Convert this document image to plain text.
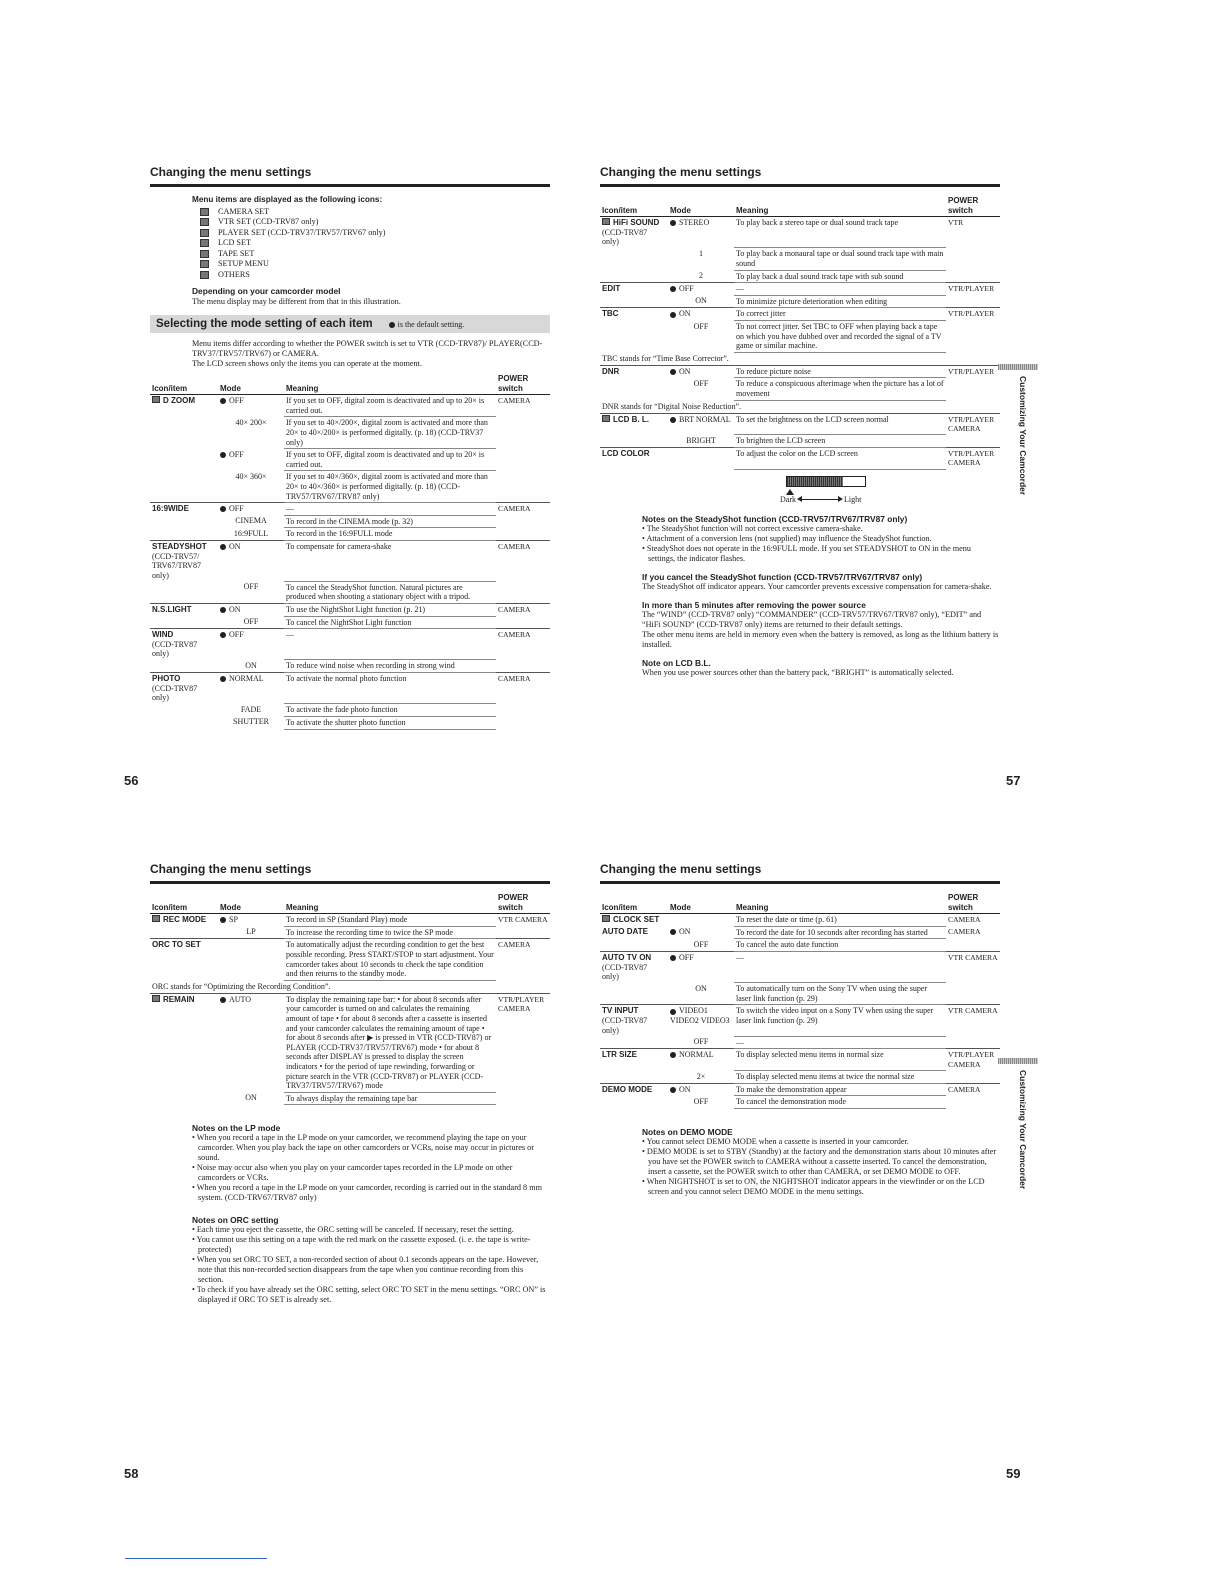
Changing the menu settings
Menu items are displayed as the following icons:
CAMERA SET
VTR SET (CCD-TRV87 only)
PLAYER SET (CCD-TRV37/TRV57/TRV67 only)
LCD SET
TAPE SET
SETUP MENU
OTHERS
Depending on your camcorder model
The menu display may be different from that in this illustration.
Selecting the mode setting of each item	is the default setting.
Menu items differ according to whether the POWER switch is set to VTR (CCD-TRV87)/ PLAYER(CCD-TRV37/TRV57/TRV67) or CAMERA.
The LCD screen shows only the items you can operate at the moment.
Icon/item	Mode	Meaning	POWER switch
D ZOOM	OFF	If you set to OFF, digital zoom is deactivated and up to 20× is carried out.	CAMERA
	40× 200×	If you set to 40×/200×, digital zoom is activated and more than 20× to 40×/200× is performed digitally. (p. 18) (CCD-TRV37 only)	
	OFF	If you set to OFF, digital zoom is deactivated and up to 20× is carried out.	
	40× 360×	If you set to 40×/360×, digital zoom is activated and more than 20× to 40×/360× is performed digitally. (p. 18) (CCD-TRV57/TRV67/TRV87 only)	
16:9WIDE	OFF	—	CAMERA
	CINEMA	To record in the CINEMA mode (p. 32)	
	16:9FULL	To record in the 16:9FULL mode	
STEADYSHOT
(CCD-TRV57/ TRV67/TRV87 only)	ON	To compensate for camera-shake	CAMERA
	OFF	To cancel the SteadyShot function. Natural pictures are produced when shooting a stationary object with a tripod.	
N.S.LIGHT	ON	To use the NightShot Light function (p. 21)	CAMERA
	OFF	To cancel the NightShot Light function	
WIND
(CCD-TRV87 only)	OFF	—	CAMERA
	ON	To reduce wind noise when recording in strong wind	
PHOTO
(CCD-TRV87 only)	NORMAL	To activate the normal photo function	CAMERA
	FADE	To activate the fade photo function	
	SHUTTER	To activate the shutter photo function	
56
Changing the menu settings
Icon/item	Mode	Meaning	POWER switch
HiFi SOUND
(CCD-TRV87 only)	STEREO	To play back a stereo tape or dual sound track tape	VTR
	1	To play back a monaural tape or dual sound track tape with main sound	
	2	To play back a dual sound track tape with sub sound	
EDIT	OFF	—	VTR/PLAYER
	ON	To minimize picture deterioration when editing	
TBC	ON	To correct jitter	VTR/PLAYER
	OFF	To not correct jitter. Set TBC to OFF when playing back a tape on which you have dubbed over and recorded the signal of a TV game or similar machine.	
TBC stands for “Time Base Corrector”.			
DNR	ON	To reduce picture noise	VTR/PLAYER
	OFF	To reduce a conspicuous afterimage when the picture has a lot of movement	
DNR stands for “Digital Noise Reduction”.			
LCD B. L.	BRT NORMAL	To set the brightness on the LCD screen normal	VTR/PLAYER CAMERA
	BRIGHT	To brighten the LCD screen	
LCD COLOR		To adjust the color on the LCD screen	VTR/PLAYER CAMERA
Dark	Light
Notes on the SteadyShot function (CCD-TRV57/TRV67/TRV87 only)
• The SteadyShot function will not correct excessive camera-shake.
• Attachment of a conversion lens (not supplied) may influence the SteadyShot function.
• SteadyShot does not operate in the 16:9FULL mode. If you set STEADYSHOT to ON in the menu settings, the indicator flashes.
If you cancel the SteadyShot function (CCD-TRV57/TRV67/TRV87 only)
The SteadyShot off indicator appears. Your camcorder prevents excessive compensation for camera-shake.
In more than 5 minutes after removing the power source
The “WIND” (CCD-TRV87 only) “COMMANDER” (CCD-TRV57/TRV67/TRV87 only), “EDIT” and “HiFi SOUND” (CCD-TRV87 only) items are returned to their default settings.
The other menu items are held in memory even when the battery is removed, as long as the lithium battery is installed.
Note on LCD B.L.
When you use power sources other than the battery pack, “BRIGHT” is automatically selected.
57
Customizing Your Camcorder
Changing the menu settings
Icon/item	Mode	Meaning	POWER switch
REC MODE	SP	To record in SP (Standard Play) mode	VTR CAMERA
	LP	To increase the recording time to twice the SP mode	
ORC TO SET		To automatically adjust the recording condition to get the best possible recording. Press START/STOP to start adjustment. Your camcorder takes about 10 seconds to check the tape condition and then returns to the standby mode.	CAMERA
ORC stands for “Optimizing the Recording Condition”.			
REMAIN	AUTO	To display the remaining tape bar: • for about 8 seconds after your camcorder is turned on and calculates the remaining amount of tape • for about 8 seconds after a cassette is inserted and your camcorder calculates the remaining amount of tape • for about 8 seconds after ▶ is pressed in VTR (CCD-TRV87) or PLAYER (CCD-TRV37/TRV57/TRV67) mode • for about 8 seconds after DISPLAY is pressed to display the screen indicators • for the period of tape rewinding, forwarding or picture search in the VTR (CCD-TRV87) or PLAYER (CCD-TRV37/TRV57/TRV67) mode	VTR/PLAYER CAMERA
	ON	To always display the remaining tape bar	
Notes on the LP mode
• When you record a tape in the LP mode on your camcorder, we recommend playing the tape on your camcorder. When you play back the tape on other camcorders or VCRs, noise may occur in pictures or sound.
• Noise may occur also when you play on your camcorder tapes recorded in the LP mode on other camcorders or VCRs.
• When you record a tape in the LP mode on your camcorder, recording is carried out in the standard 8 mm system. (CCD-TRV67/TRV87 only)
Notes on ORC setting
• Each time you eject the cassette, the ORC setting will be canceled. If necessary, reset the setting.
• You cannot use this setting on a tape with the red mark on the cassette exposed. (i. e. the tape is write-protected)
• When you set ORC TO SET, a non-recorded section of about 0.1 seconds appears on the tape. However, note that this non-recorded section disappears from the tape when you continue recording from this section.
• To check if you have already set the ORC setting, select ORC TO SET in the menu settings. “ORC ON” is displayed if ORC TO SET is already set.
58
Changing the menu settings
Icon/item	Mode	Meaning	POWER switch
CLOCK SET		To reset the date or time (p. 61)	CAMERA
AUTO DATE	ON	To record the date for 10 seconds after recording has started	CAMERA
	OFF	To cancel the auto date function	
AUTO TV ON
(CCD-TRV87 only)	OFF	—	VTR CAMERA
	ON	To automatically turn on the Sony TV when using the super laser link function (p. 29)	
TV INPUT
(CCD-TRV87 only)	VIDEO1 VIDEO2 VIDEO3	To switch the video input on a Sony TV when using the super laser link function (p. 29)	VTR CAMERA
	OFF	—	
LTR SIZE	NORMAL	To display selected menu items in normal size	VTR/PLAYER CAMERA
	2×	To display selected menu items at twice the normal size	
DEMO MODE	ON	To make the demonstration appear	CAMERA
	OFF	To cancel the demonstration mode	
Notes on DEMO MODE
• You cannot select DEMO MODE when a cassette is inserted in your camcorder.
• DEMO MODE is set to STBY (Standby) at the factory and the demonstration starts about 10 minutes after you have set the POWER switch to CAMERA without a cassette inserted. To cancel the demonstration, insert a cassette, set the POWER switch to other than CAMERA, or set DEMO MODE to OFF.
• When NIGHTSHOT is set to ON, the NIGHTSHOT indicator appears in the viewfinder or on the LCD screen and you cannot select DEMO MODE in the menu settings.
59
Customizing Your Camcorder
